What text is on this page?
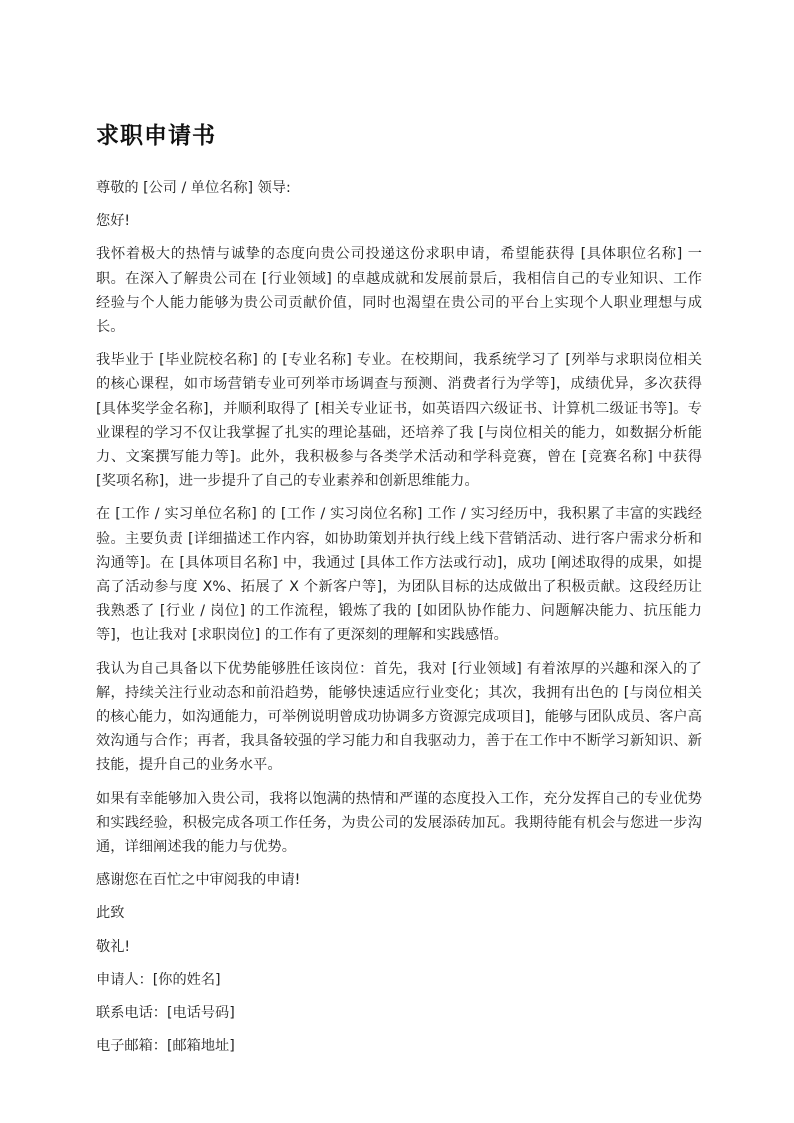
求职申请书

尊敬的 [公司 / 单位名称] 领导:

您好!

我怀着极大的热情与诚挚的态度向贵公司投递这份求职申请，希望能获得 [具体职位名称] 一职。在深入了解贵公司在 [行业领域] 的卓越成就和发展前景后，我相信自己的专业知识、工作经验与个人能力能够为贵公司贡献价值，同时也渴望在贵公司的平台上实现个人职业理想与成长。

我毕业于 [毕业院校名称] 的 [专业名称] 专业。在校期间，我系统学习了 [列举与求职岗位相关的核心课程，如市场营销专业可列举市场调查与预测、消费者行为学等]，成绩优异，多次获得 [具体奖学金名称]，并顺利取得了 [相关专业证书，如英语四六级证书、计算机二级证书等]。专业课程的学习不仅让我掌握了扎实的理论基础，还培养了我 [与岗位相关的能力，如数据分析能力、文案撰写能力等]。此外，我积极参与各类学术活动和学科竞赛，曾在 [竞赛名称] 中获得 [奖项名称]，进一步提升了自己的专业素养和创新思维能力。

在 [工作 / 实习单位名称] 的 [工作 / 实习岗位名称] 工作 / 实习经历中，我积累了丰富的实践经验。主要负责 [详细描述工作内容，如协助策划并执行线上线下营销活动、进行客户需求分析和沟通等]。在 [具体项目名称] 中，我通过 [具体工作方法或行动]，成功 [阐述取得的成果，如提高了活动参与度 X%、拓展了 X 个新客户等]，为团队目标的达成做出了积极贡献。这段经历让我熟悉了 [行业 / 岗位] 的工作流程，锻炼了我的 [如团队协作能力、问题解决能力、抗压能力等]，也让我对 [求职岗位] 的工作有了更深刻的理解和实践感悟。

我认为自己具备以下优势能够胜任该岗位：首先，我对 [行业领域] 有着浓厚的兴趣和深入的了解，持续关注行业动态和前沿趋势，能够快速适应行业变化；其次，我拥有出色的 [与岗位相关的核心能力，如沟通能力，可举例说明曾成功协调多方资源完成项目]，能够与团队成员、客户高效沟通与合作；再者，我具备较强的学习能力和自我驱动力，善于在工作中不断学习新知识、新技能，提升自己的业务水平。

如果有幸能够加入贵公司，我将以饱满的热情和严谨的态度投入工作，充分发挥自己的专业优势和实践经验，积极完成各项工作任务，为贵公司的发展添砖加瓦。我期待能有机会与您进一步沟通，详细阐述我的能力与优势。

感谢您在百忙之中审阅我的申请!

此致

敬礼!

申请人：[你的姓名]

联系电话：[电话号码]

电子邮箱：[邮箱地址]
